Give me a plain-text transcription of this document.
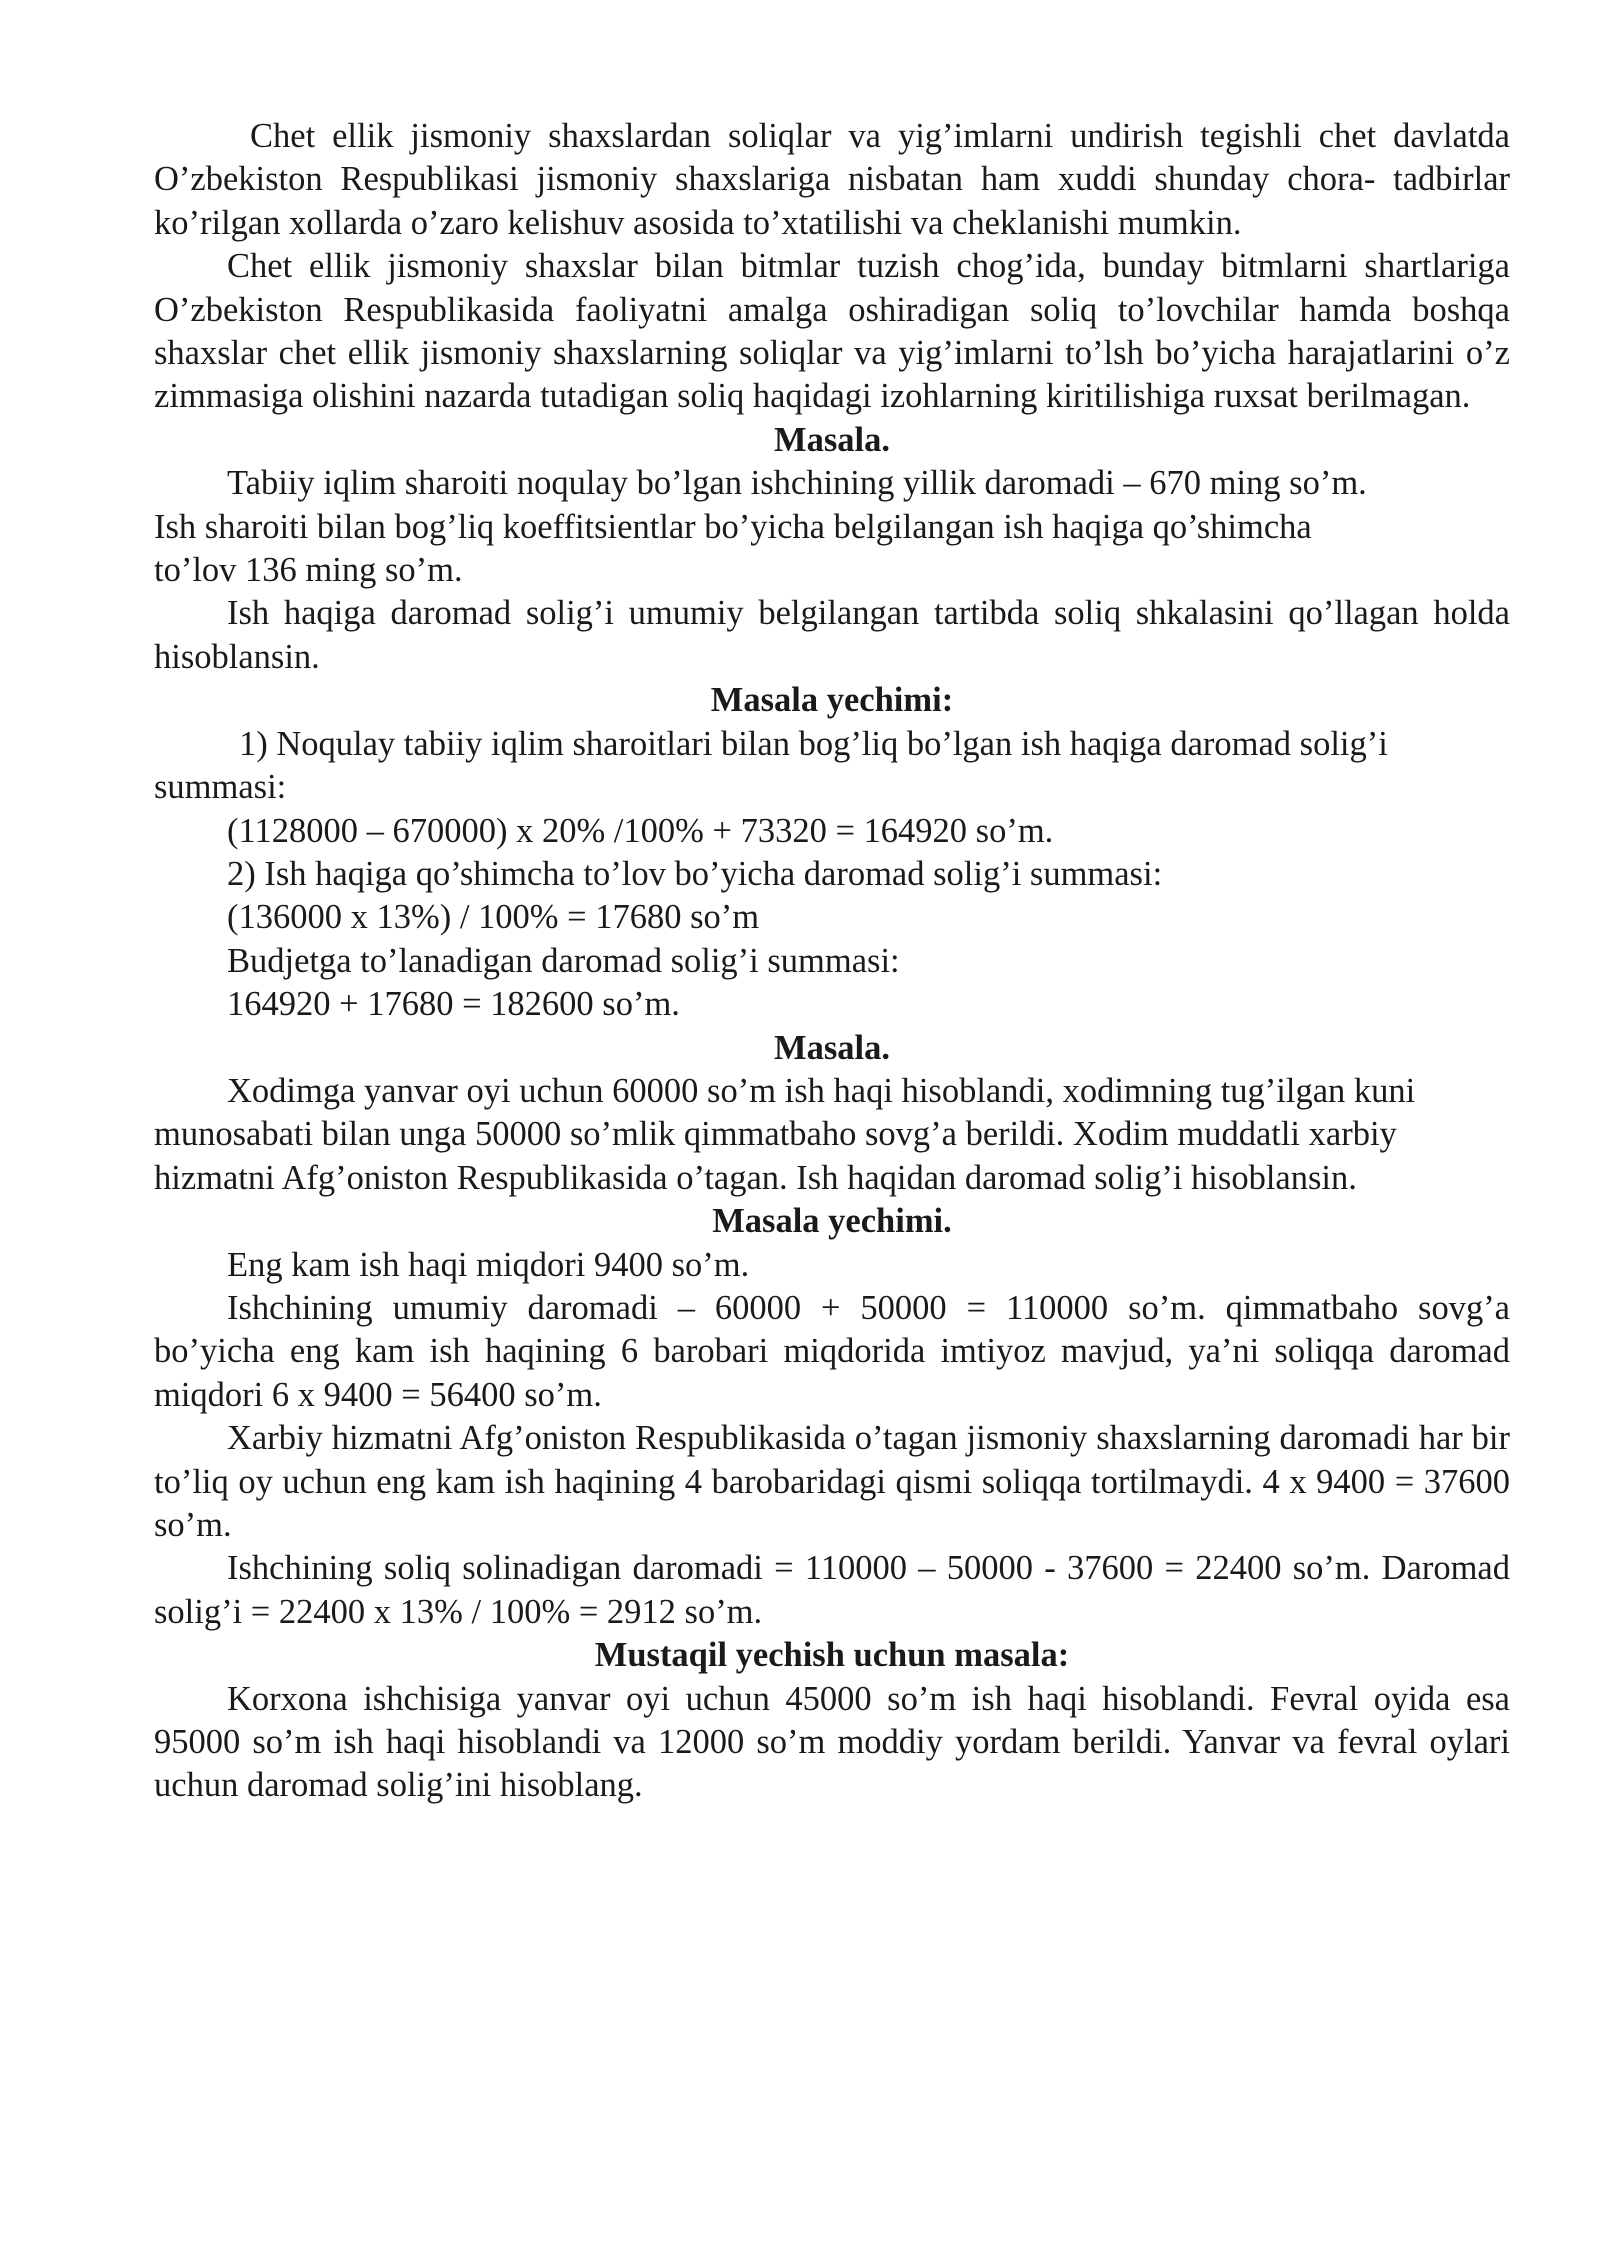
Chet ellik jismoniy shaxslardan soliqlar va yig’imlarni undirish tegishli chet davlatda O’zbekiston Respublikasi jismoniy shaxslariga nisbatan ham xuddi shunday chora- tadbirlar ko’rilgan xollarda o’zaro kelishuv asosida to’xtatilishi va cheklanishi mumkin.

Chet ellik jismoniy shaxslar bilan bitmlar tuzish chog’ida, bunday bitmlarni shartlariga O’zbekiston Respublikasida faoliyatni amalga oshiradigan soliq to’lovchilar hamda boshqa shaxslar chet ellik jismoniy shaxslarning soliqlar va yig’imlarni to’lsh bo’yicha harajatlarini o’z zimmasiga olishini nazarda tutadigan soliq haqidagi izohlarning kiritilishiga ruxsat berilmagan.

Masala.

Tabiiy iqlim sharoiti noqulay bo’lgan ishchining yillik daromadi – 670 ming so’m.

Ish sharoiti bilan bog’liq koeffitsientlar bo’yicha belgilangan ish haqiga qo’shimcha

to’lov 136 ming so’m.

Ish haqiga daromad solig’i umumiy belgilangan tartibda soliq shkalasini qo’llagan holda hisoblansin.

Masala yechimi:

1) Noqulay tabiiy iqlim sharoitlari bilan bog’liq bo’lgan ish haqiga daromad solig’i summasi:

(1128000 – 670000) x 20% /100% + 73320 = 164920 so’m.

2) Ish haqiga qo’shimcha to’lov bo’yicha daromad solig’i summasi:

(136000 x 13%) / 100% = 17680 so’m

Budjetga to’lanadigan daromad solig’i summasi:

164920 + 17680 = 182600 so’m.

Masala.

Xodimga yanvar oyi uchun 60000 so’m ish haqi hisoblandi, xodimning tug’ilgan kuni munosabati bilan unga 50000 so’mlik qimmatbaho sovg’a berildi. Xodim muddatli xarbiy hizmatni Afg’oniston Respublikasida o’tagan. Ish haqidan daromad solig’i hisoblansin.

Masala yechimi.

Eng kam ish haqi miqdori 9400 so’m.

Ishchining umumiy daromadi – 60000 + 50000 = 110000 so’m. qimmatbaho sovg’a bo’yicha eng kam ish haqining 6 barobari miqdorida imtiyoz mavjud, ya’ni soliqqa daromad miqdori 6 x 9400 = 56400 so’m.

Xarbiy hizmatni Afg’oniston Respublikasida o’tagan jismoniy shaxslarning daromadi har bir to’liq oy uchun eng kam ish haqining 4 barobaridagi qismi soliqqa tortilmaydi. 4 x 9400 = 37600 so’m.

Ishchining soliq solinadigan daromadi = 110000 – 50000 - 37600 = 22400 so’m. Daromad solig’i = 22400 x 13% / 100% = 2912 so’m.

Mustaqil yechish uchun masala:

Korxona ishchisiga yanvar oyi uchun 45000 so’m ish haqi hisoblandi. Fevral oyida esa 95000 so’m ish haqi hisoblandi va 12000 so’m moddiy yordam berildi. Yanvar va fevral oylari uchun daromad solig’ini hisoblang.
